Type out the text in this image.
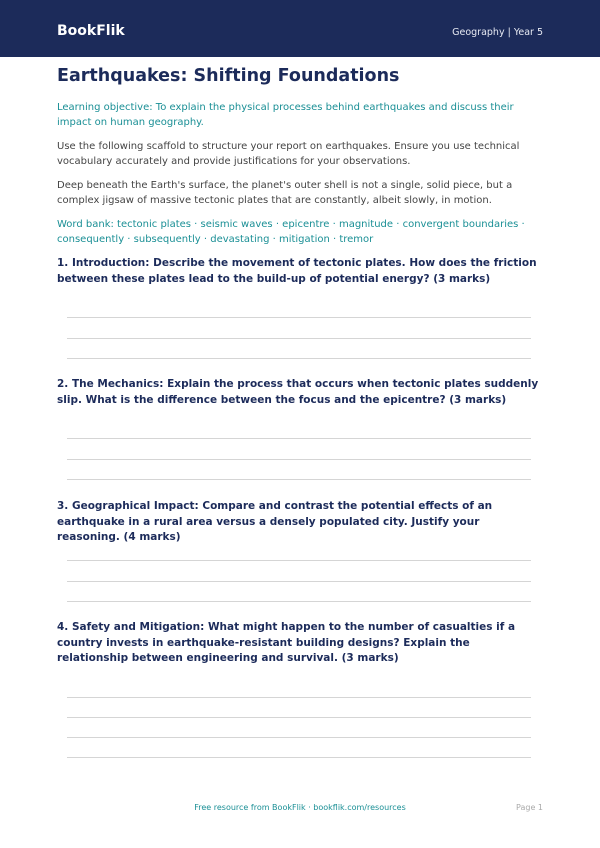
BookFlik	Geography | Year 5
Earthquakes: Shifting Foundations

Learning objective: To explain the physical processes behind earthquakes and discuss their impact on human geography.

Use the following scaffold to structure your report on earthquakes. Ensure you use technical vocabulary accurately and provide justifications for your observations.

Deep beneath the Earth's surface, the planet's outer shell is not a single, solid piece, but a complex jigsaw of massive tectonic plates that are constantly, albeit slowly, in motion.

Word bank: tectonic plates · seismic waves · epicentre · magnitude · convergent boundaries · consequently · subsequently · devastating · mitigation · tremor

1. Introduction: Describe the movement of tectonic plates. How does the friction between these plates lead to the build-up of potential energy? (3 marks)

2. The Mechanics: Explain the process that occurs when tectonic plates suddenly slip. What is the difference between the focus and the epicentre? (3 marks)

3. Geographical Impact: Compare and contrast the potential effects of an earthquake in a rural area versus a densely populated city. Justify your reasoning. (4 marks)

4. Safety and Mitigation: What might happen to the number of casualties if a country invests in earthquake-resistant building designs? Explain the relationship between engineering and survival. (3 marks)

Free resource from BookFlik · bookflik.com/resources	Page 1
